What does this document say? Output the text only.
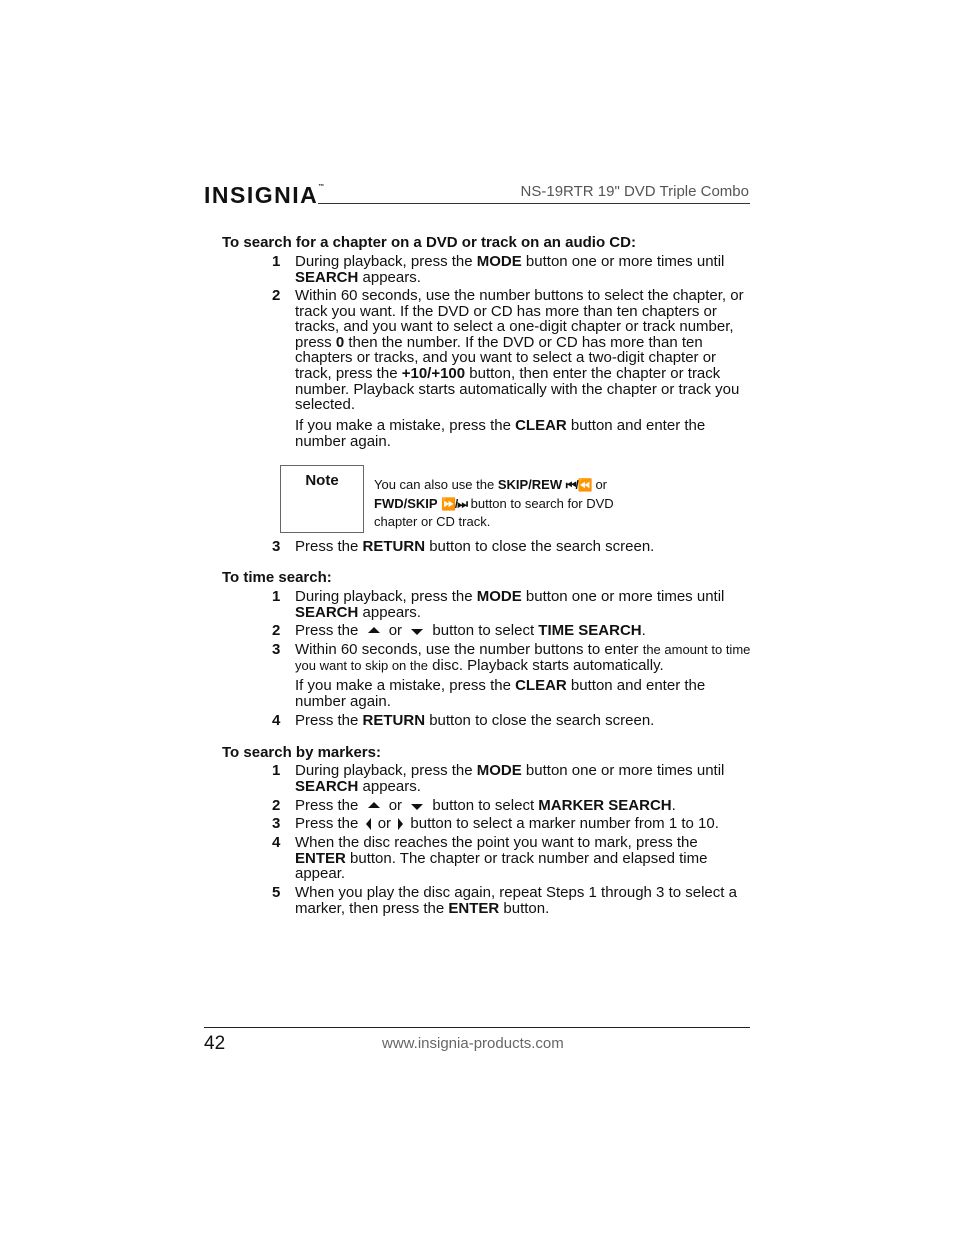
INSIGNIA™	NS-19RTR 19" DVD Triple Combo
To search for a chapter on a DVD or track on an audio CD:
1 During playback, press the MODE button one or more times until SEARCH appears.
2 Within 60 seconds, use the number buttons to select the chapter, or track you want. If the DVD or CD has more than ten chapters or tracks, and you want to select a one-digit chapter or track number, press 0 then the number. If the DVD or CD has more than ten chapters or tracks, and you want to select a two-digit chapter or track, press the +10/+100 button, then enter the chapter or track number. Playback starts automatically with the chapter or track you selected.
If you make a mistake, press the CLEAR button and enter the number again.
Note	You can also use the SKIP/REW ⏮/⏪ or
FWD/SKIP ⏩/⏭ button to search for DVD chapter or CD track.
3 Press the RETURN button to close the search screen.
To time search:
1 During playback, press the MODE button one or more times until SEARCH appears.
2 Press the  or  button to select TIME SEARCH.
3 Within 60 seconds, use the number buttons to enter the amount to time you want to skip on the disc. Playback starts automatically.
If you make a mistake, press the CLEAR button and enter the number again.
4 Press the RETURN button to close the search screen.
To search by markers:
1 During playback, press the MODE button one or more times until SEARCH appears.
2 Press the  or  button to select MARKER SEARCH.
3 Press the  or  button to select a marker number from 1 to 10.
4 When the disc reaches the point you want to mark, press the ENTER button. The chapter or track number and elapsed time appear.
5 When you play the disc again, repeat Steps 1 through 3 to select a marker, then press the ENTER button.
42	www.insignia-products.com
